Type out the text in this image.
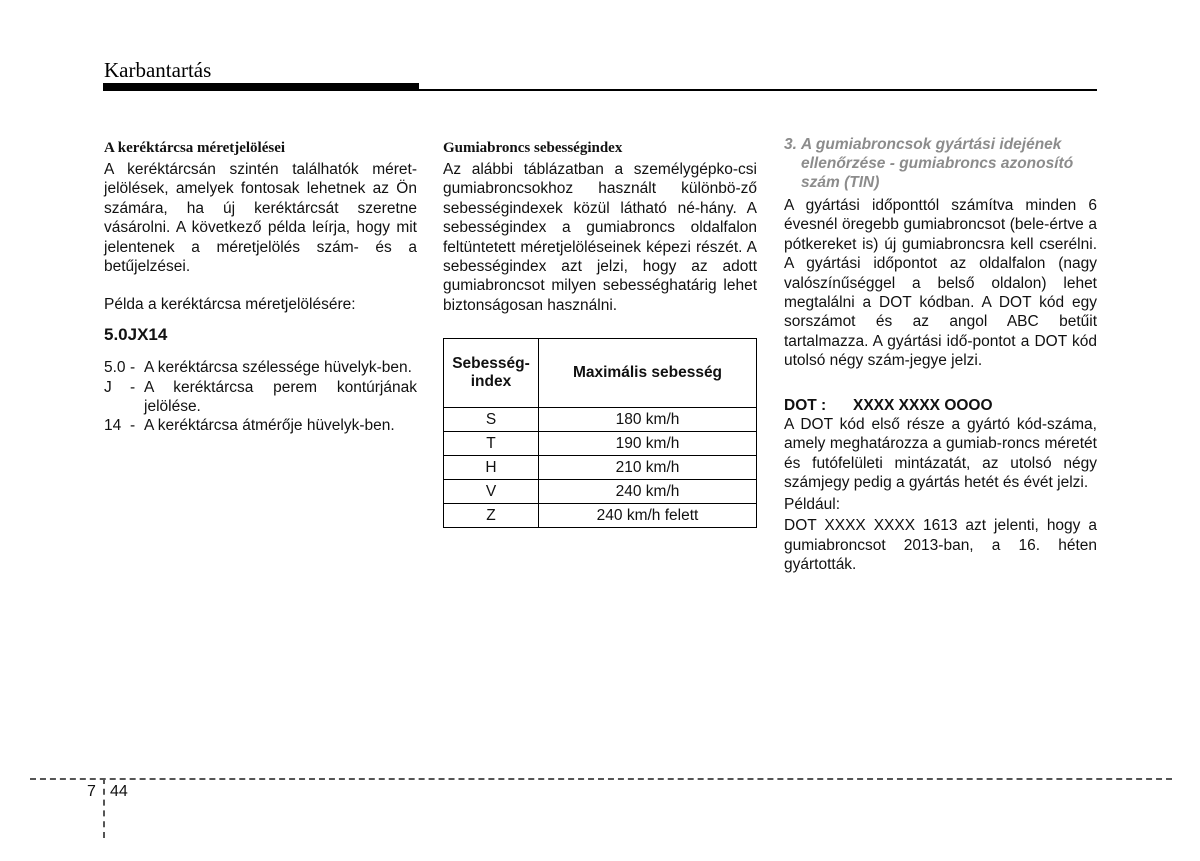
Karbantartás

A keréktárcsa méretjelölései

A keréktárcsán szintén találhatók méret-jelölések, amelyek fontosak lehetnek az Ön számára, ha új keréktárcsát szeretne vásárolni. A következő példa leírja, hogy mit jelentenek a méretjelölés szám- és a betűjelzései.

Példa a keréktárcsa méretjelölésére:

5.0JX14

5.0 - A keréktárcsa szélessége hüvelyk-ben.
J	- A keréktárcsa perem kontúrjának jelölése.
14 - A keréktárcsa átmérője hüvelyk-ben.

Gumiabroncs sebességindex

Az alábbi táblázatban a személygépko-csi gumiabroncsokhoz használt különbö-ző sebességindexek közül látható né-hány. A sebességindex a gumiabroncs oldalfalon feltüntetett méretjelöléseinek képezi részét. A sebességindex azt jelzi, hogy az adott gumiabroncsot milyen sebességhatárig lehet biztonságosan használni.

Sebesség-index	Maximális sebesség
S	180 km/h
T	190 km/h
H	210 km/h
V	240 km/h
Z	240 km/h felett
3. A gumiabroncsok gyártási idejének ellenőrzése - gumiabroncs azonosító szám (TIN)

A gyártási időponttól számítva minden 6 évesnél öregebb gumiabroncsot (bele-értve a pótkereket is) új gumiabroncsra kell cserélni. A gyártási időpontot az oldalfalon (nagy valószínűséggel a belső oldalon) lehet megtalálni a DOT kódban. A DOT kód egy sorszámot és az angol ABC betűit tartalmazza. A gyártási idő-pontot a DOT kód utolsó négy szám-jegye jelzi.

DOT :	XXXX XXXX OOOO

A DOT kód első része a gyártó kód-száma, amely meghatározza a gumiab-roncs méretét és futófelületi mintázatát, az utolsó négy számjegy pedig a gyártás hetét és évét jelzi.

Például:

DOT XXXX XXXX 1613 azt jelenti, hogy a gumiabroncsot 2013-ban, a 16. héten gyártották.

7 44
